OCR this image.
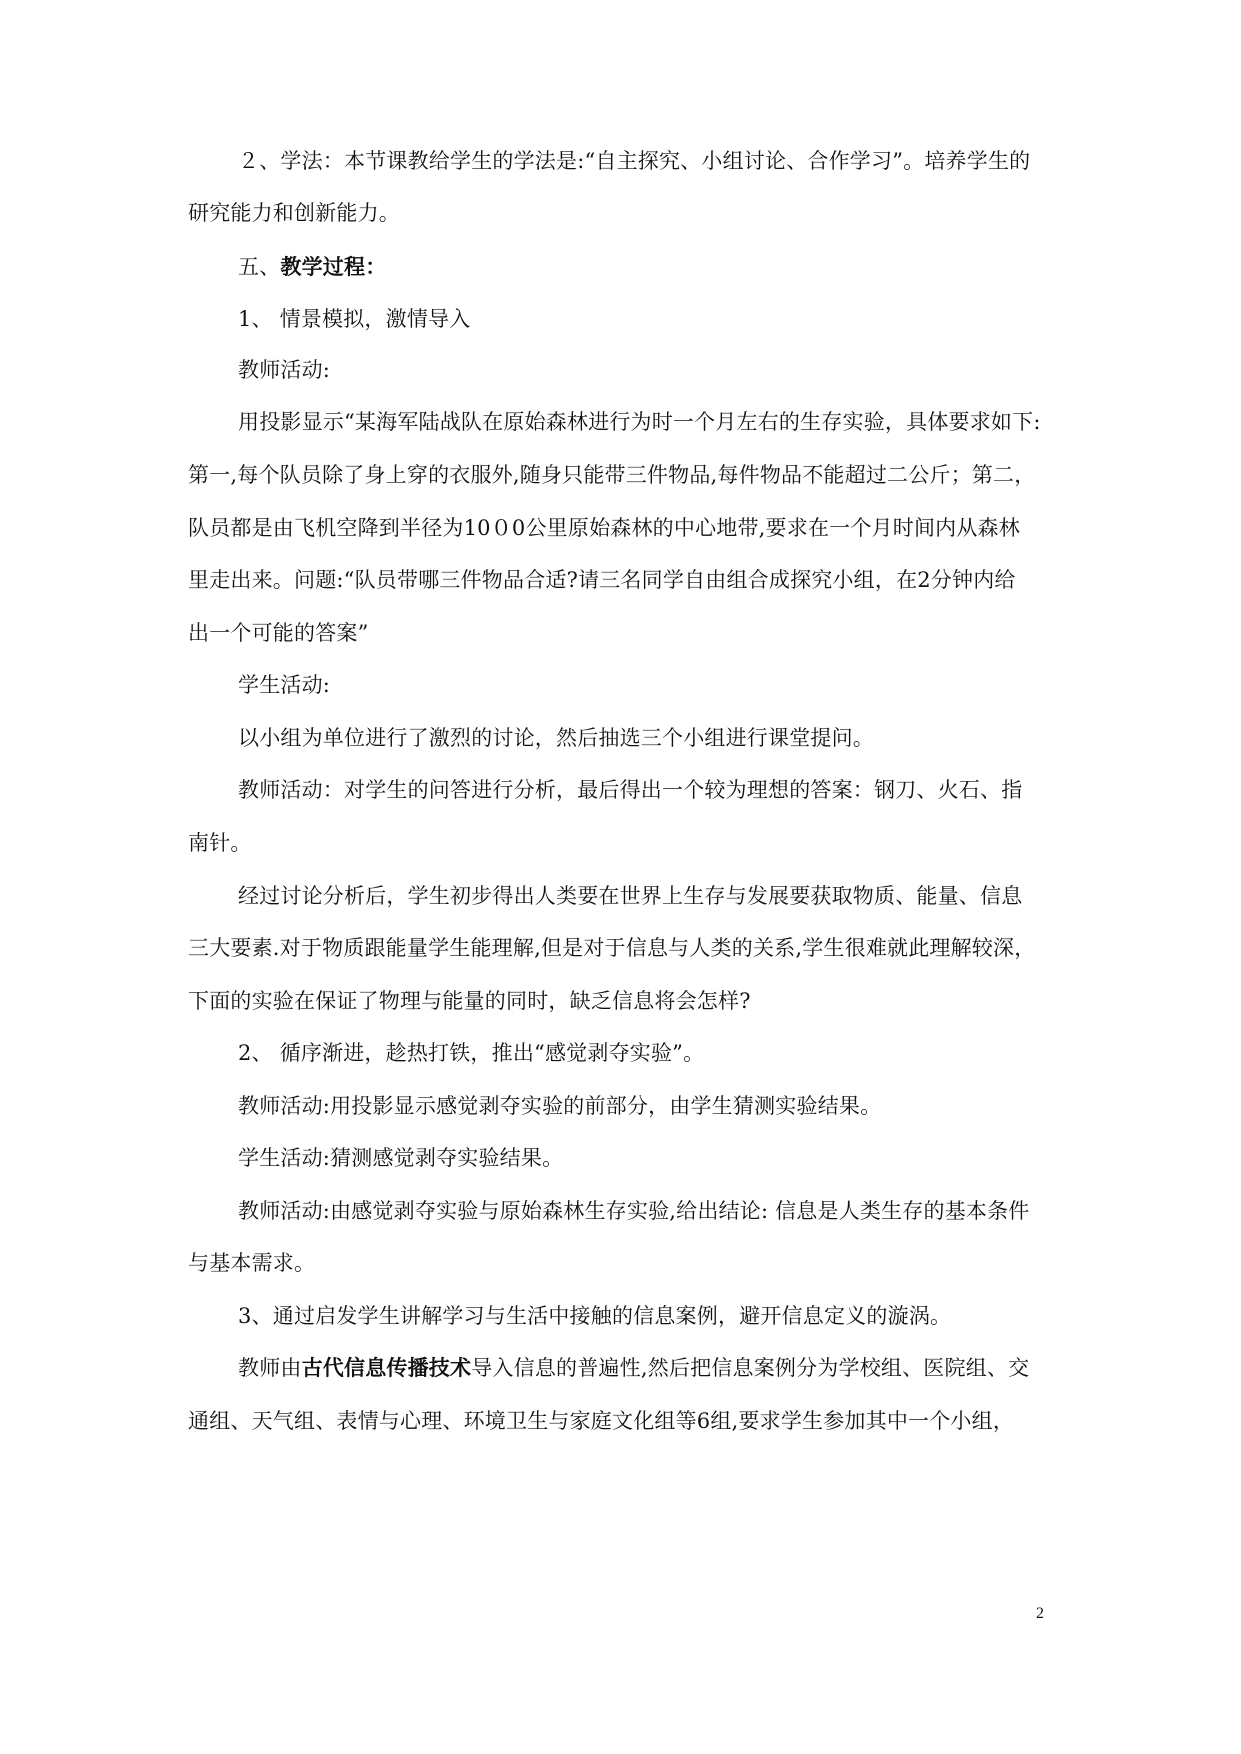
２、学法：本节课教给学生的学法是:“自主探究、小组讨论、合作学习”。培养学生的
研究能力和创新能力。
五、教学过程：
1、 情景模拟，激情导入
教师活动:
用投影显示“某海军陆战队在原始森林进行为时一个月左右的生存实验，具体要求如下:
第一,每个队员除了身上穿的衣服外,随身只能带三件物品,每件物品不能超过二公斤；第二，
队员都是由飞机空降到半径为10０0公里原始森林的中心地带,要求在一个月时间内从森林
里走出来。问题:“队员带哪三件物品合适?请三名同学自由组合成探究小组，在2分钟内给
出一个可能的答案”
学生活动:
以小组为单位进行了激烈的讨论，然后抽选三个小组进行课堂提问。
教师活动：对学生的问答进行分析，最后得出一个较为理想的答案：钢刀、火石、指
南针。
经过讨论分析后，学生初步得出人类要在世界上生存与发展要获取物质、能量、信息
三大要素.对于物质跟能量学生能理解,但是对于信息与人类的关系,学生很难就此理解较深，
下面的实验在保证了物理与能量的同时，缺乏信息将会怎样?
2、 循序渐进，趁热打铁，推出“感觉剥夺实验”。
教师活动:用投影显示感觉剥夺实验的前部分，由学生猜测实验结果。
学生活动:猜测感觉剥夺实验结果。
教师活动:由感觉剥夺实验与原始森林生存实验,给出结论: 信息是人类生存的基本条件
与基本需求。
3、通过启发学生讲解学习与生活中接触的信息案例，避开信息定义的漩涡。
教师由古代信息传播技术导入信息的普遍性,然后把信息案例分为学校组、医院组、交
通组、天气组、表情与心理、环境卫生与家庭文化组等6组,要求学生参加其中一个小组，
2
